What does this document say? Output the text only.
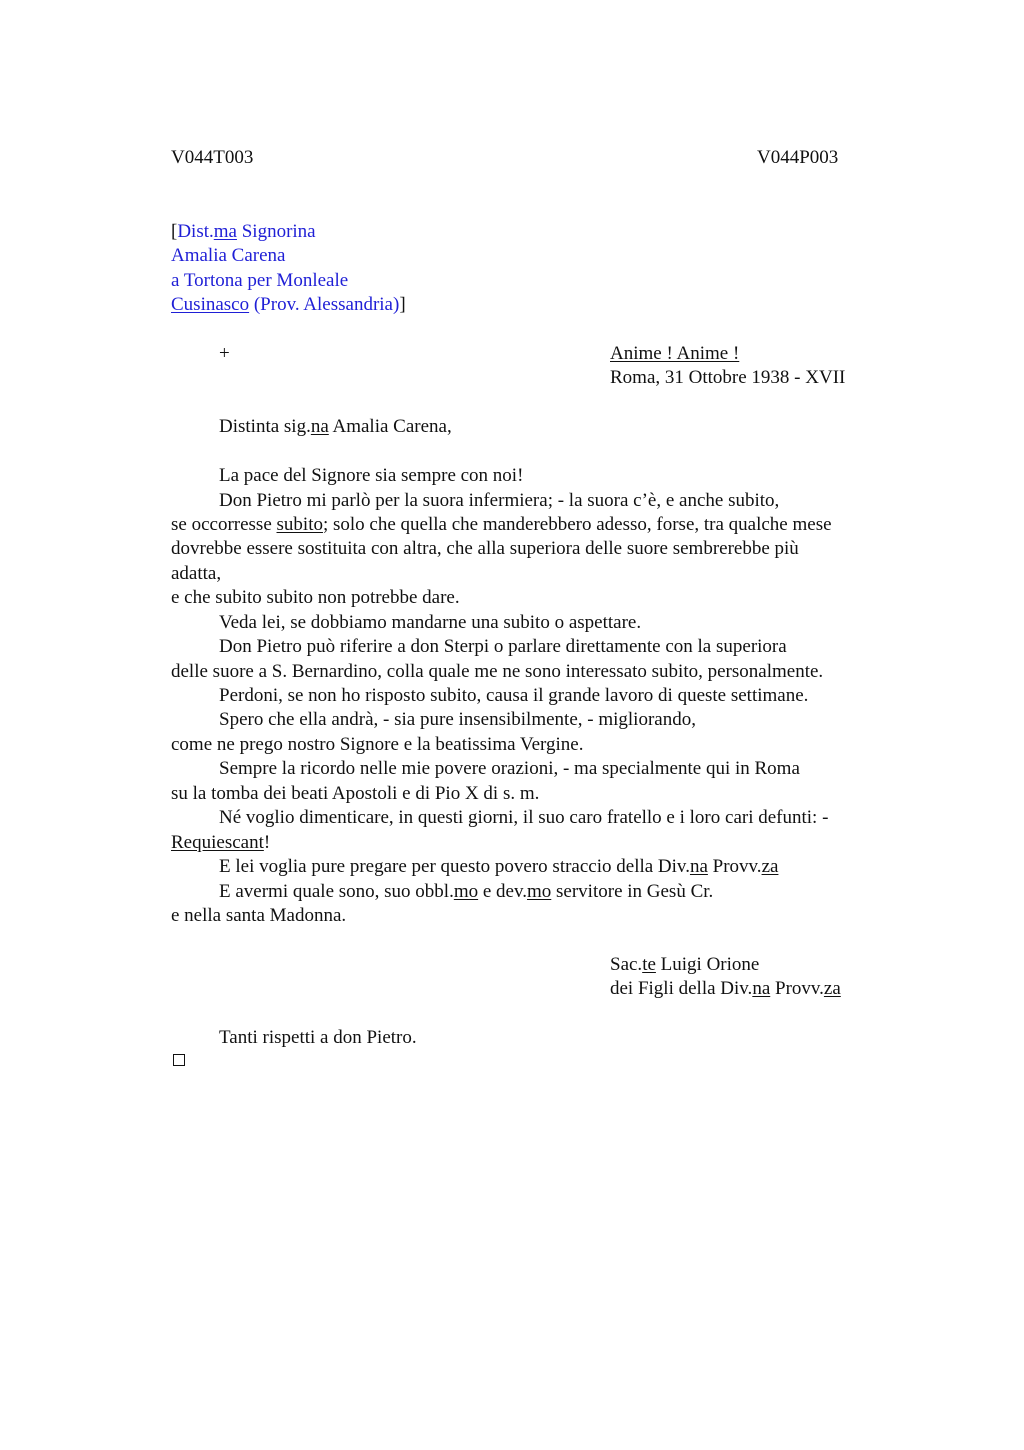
V044T003	V044P003
[Dist.ma Signorina
Amalia Carena
a Tortona per Monleale
Cusinasco (Prov. Alessandria)]
+	Anime ! Anime !
Roma, 31 Ottobre 1938 - XVII
Distinta sig.na Amalia Carena,
La pace del Signore sia sempre con noi!
Don Pietro mi parlò per la suora infermiera; - la suora c’è, e anche subito,
se occorresse subito; solo che quella che manderebbero adesso, forse, tra qualche mese
dovrebbe essere sostituita con altra, che alla superiora delle suore sembrerebbe più
adatta,
e che subito subito non potrebbe dare.
Veda lei, se dobbiamo mandarne una subito o aspettare.
Don Pietro può riferire a don Sterpi o parlare direttamente con la superiora
delle suore a S. Bernardino, colla quale me ne sono interessato subito, personalmente.
Perdoni, se non ho risposto subito, causa il grande lavoro di queste settimane.
Spero che ella andrà, - sia pure insensibilmente, - migliorando,
come ne prego nostro Signore e la beatissima Vergine.
Sempre la ricordo nelle mie povere orazioni, - ma specialmente qui in Roma
su la tomba dei beati Apostoli e di Pio X di s. m.
Né voglio dimenticare, in questi giorni, il suo caro fratello e i loro cari defunti: -
Requiescant!
E lei voglia pure pregare per questo povero straccio della Div.na Provv.za
E avermi quale sono, suo obbl.mo e dev.mo servitore in Gesù Cr.
e nella santa Madonna.
Sac.te Luigi Orione
dei Figli della Div.na Provv.za
Tanti rispetti a don Pietro.
